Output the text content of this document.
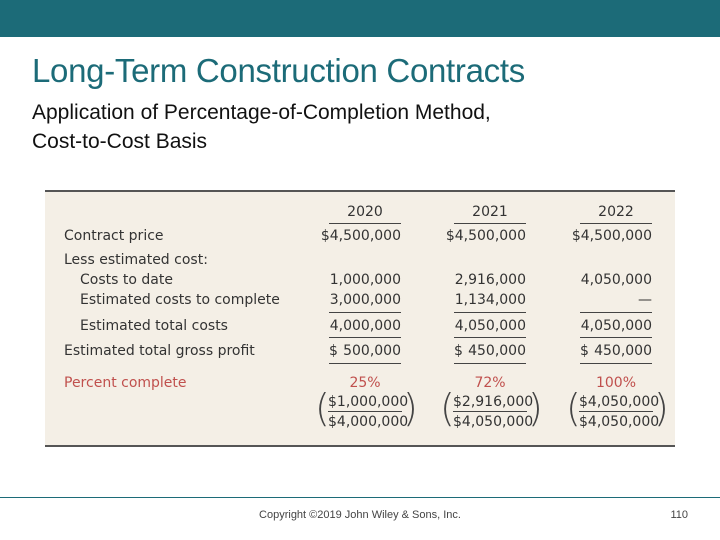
Long-Term Construction Contracts
Application of Percentage-of-Completion Method,
Cost-to-Cost Basis
Contract price
Less estimated cost:
Costs to date
Estimated costs to complete
Estimated total costs
Estimated total gross profit
Percent complete
2020
$4,500,000
1,000,000
3,000,000
4,000,000
$ 500,000
25%
(
$1,000,000
$4,000,000
)
2021
$4,500,000
2,916,000
1,134,000
4,050,000
$ 450,000
72%
(
$2,916,000
$4,050,000
)
2022
$4,500,000
4,050,000
—
4,050,000
$ 450,000
100%
(
$4,050,000
$4,050,000
)
Copyright ©2019 John Wiley & Sons, Inc.	110
